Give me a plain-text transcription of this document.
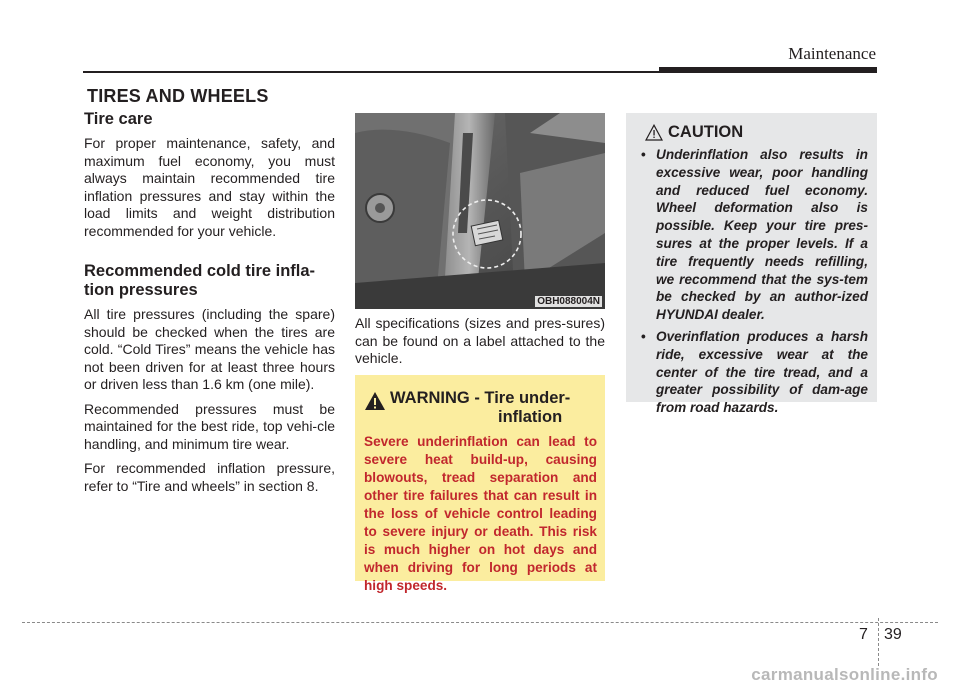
Maintenance
TIRES AND WHEELS
Tire care

For proper maintenance, safety, and maximum fuel economy, you must always maintain recommended tire inflation pressures and stay within the load limits and weight distribution recommended for your vehicle.

Recommended cold tire infla-tion pressures

All tire pressures (including the spare) should be checked when the tires are cold. “Cold Tires” means the vehicle has not been driven for at least three hours or driven less than 1.6 km (one mile).

Recommended pressures must be maintained for the best ride, top vehi-cle handling, and minimum tire wear.

For recommended inflation pressure, refer to “Tire and wheels” in section 8.

OBH088004N
All specifications (sizes and pres-sures) can be found on a label attached to the vehicle.
WARNING - Tire under-
inflation

Severe underinflation can lead to severe heat build-up, causing blowouts, tread separation and other tire failures that can result in the loss of vehicle control leading to severe injury or death. This risk is much higher on hot days and when driving for long periods at high speeds.

CAUTION
• Underinflation also results in excessive wear, poor handling and reduced fuel economy. Wheel deformation also is possible. Keep your tire pres-sures at the proper levels. If a tire frequently needs refilling, we recommend that the sys-tem be checked by an author-ized HYUNDAI dealer.
• Overinflation produces a harsh ride, excessive wear at the center of the tire tread, and a greater possibility of dam-age from road hazards.
7 39
carmanualsonline.info
